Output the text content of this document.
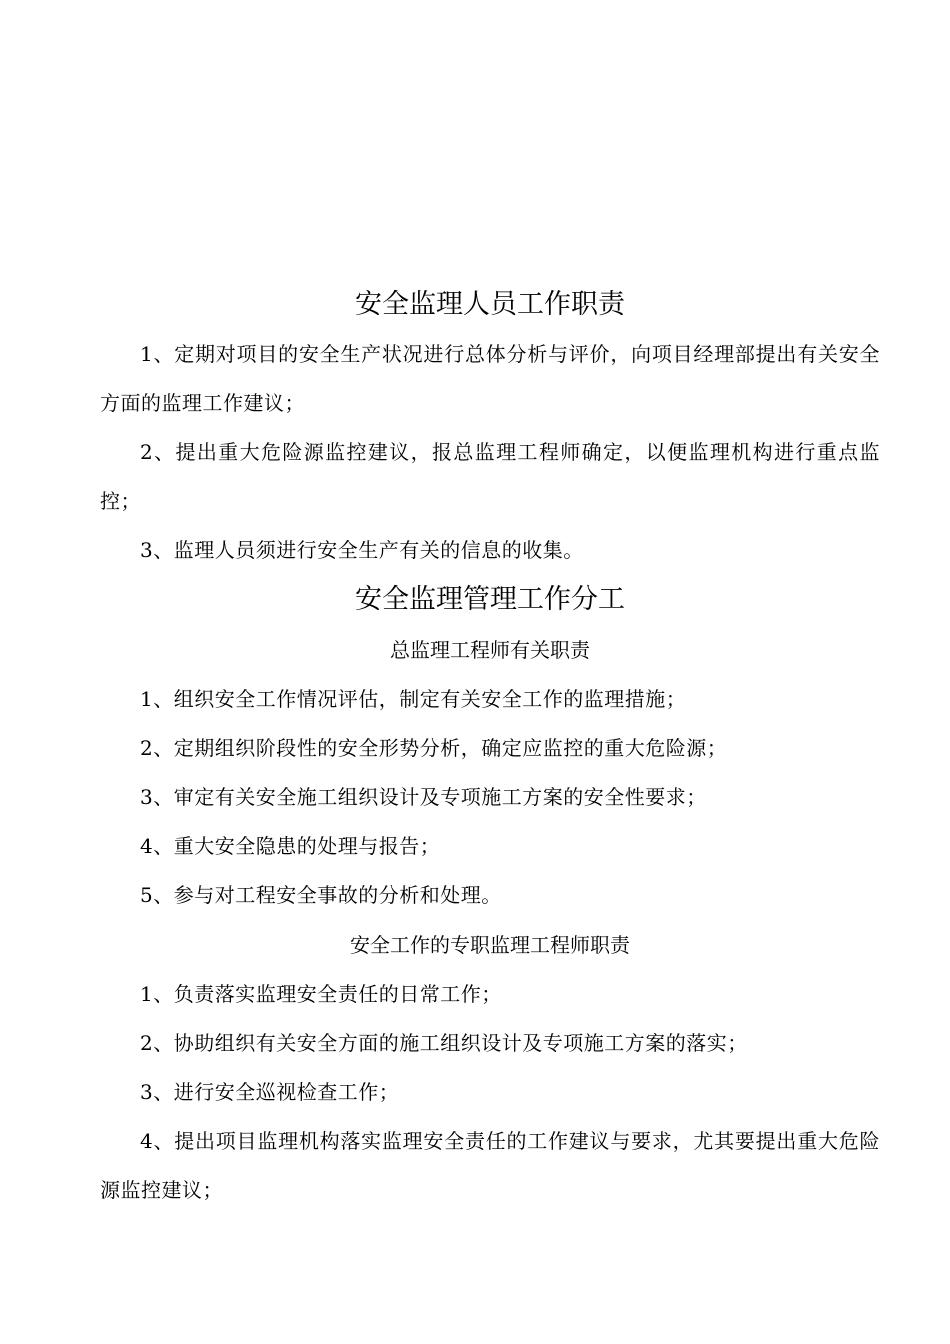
安全监理人员工作职责

1、定期对项目的安全生产状况进行总体分析与评价，向项目经理部提出有关安全方面的监理工作建议；

2、提出重大危险源监控建议，报总监理工程师确定，以便监理机构进行重点监控；

3、监理人员须进行安全生产有关的信息的收集。

安全监理管理工作分工
总监理工程师有关职责

1、组织安全工作情况评估，制定有关安全工作的监理措施；

2、定期组织阶段性的安全形势分析，确定应监控的重大危险源；

3、审定有关安全施工组织设计及专项施工方案的安全性要求；

4、重大安全隐患的处理与报告；

5、参与对工程安全事故的分析和处理。

安全工作的专职监理工程师职责

1、负责落实监理安全责任的日常工作；

2、协助组织有关安全方面的施工组织设计及专项施工方案的落实；

3、进行安全巡视检查工作；

4、提出项目监理机构落实监理安全责任的工作建议与要求，尤其要提出重大危险源监控建议；
